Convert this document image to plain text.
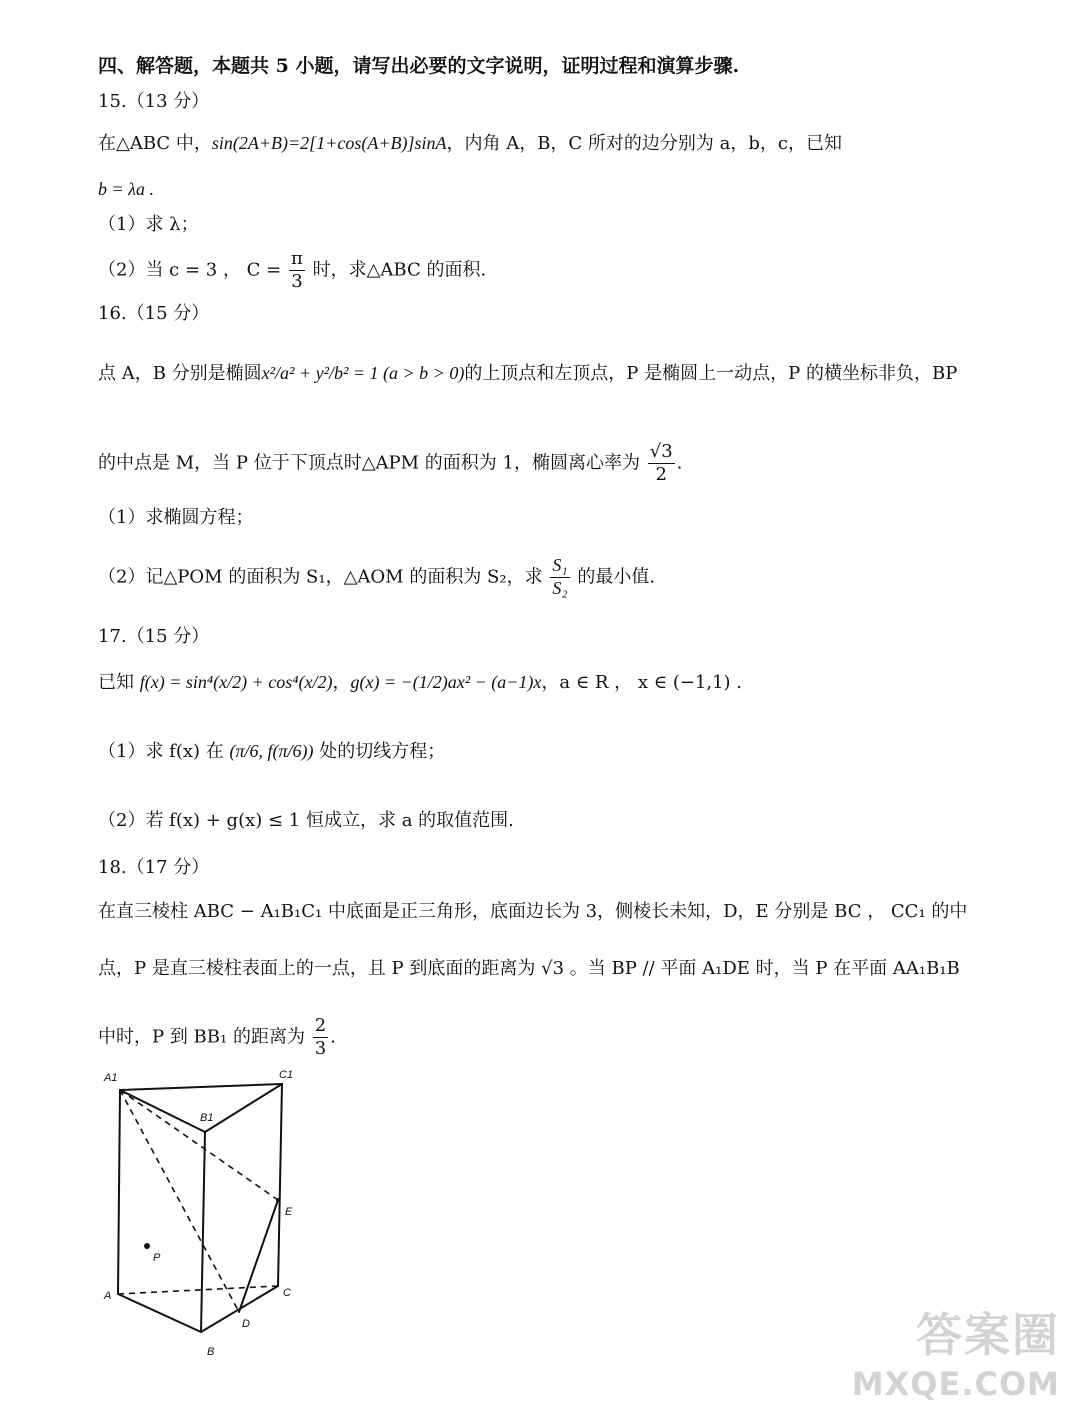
四、解答题，本题共 5 小题，请写出必要的文字说明，证明过程和演算步骤.
15.（13 分）
在△ABC 中，sin(2A+B)=2[1+cos(A+B)]sinA，内角 A，B，C 所对的边分别为 a，b，c，已知
b = λa .
（1）求 λ；
（2）当 c = 3 ， $C = \frac{\pi}{3}$ 时，求△ABC 的面积.
16.（15 分）
点 A，B 分别是椭圆x²/a² + y²/b² = 1 (a > b > 0)的上顶点和左顶点，P 是椭圆上一动点，P 的横坐标非负，BP
的中点是 M，当 P 位于下顶点时△APM 的面积为 1，椭圆离心率为 $\frac{√3}{2}$ .
（1）求椭圆方程；
（2）记△POM 的面积为 S₁，△AOM 的面积为 S₂，求 $\frac{\text{S₁}}{\text{S₂}}$ 的最小值.
17.（15 分）
已知 f(x) = sin⁴(x/2) + cos⁴(x/2)，g(x) = −(1/2)ax² − (a−1)x，a ∈ R ， x ∈ (−1,1) .
（1）求 f(x) 在 (π/6, f(π/6)) 处的切线方程；
（2）若 f(x) + g(x) ≤ 1 恒成立，求 a 的取值范围.
18.（17 分）
在直三棱柱 ABC − A₁B₁C₁ 中底面是正三角形，底面边长为 3，侧棱长未知，D，E 分别是 BC ， CC₁ 的中
点，P 是直三棱柱表面上的一点，且 P 到底面的距离为 √3 。当 BP // 平面 A₁DE 时，当 P 在平面 AA₁B₁B
中时，P 到 BB₁ 的距离为 $\frac{2}{3}$ .
A1
B1
C1
A
B
C
D
E
P
答案圈
MXQE.COM
